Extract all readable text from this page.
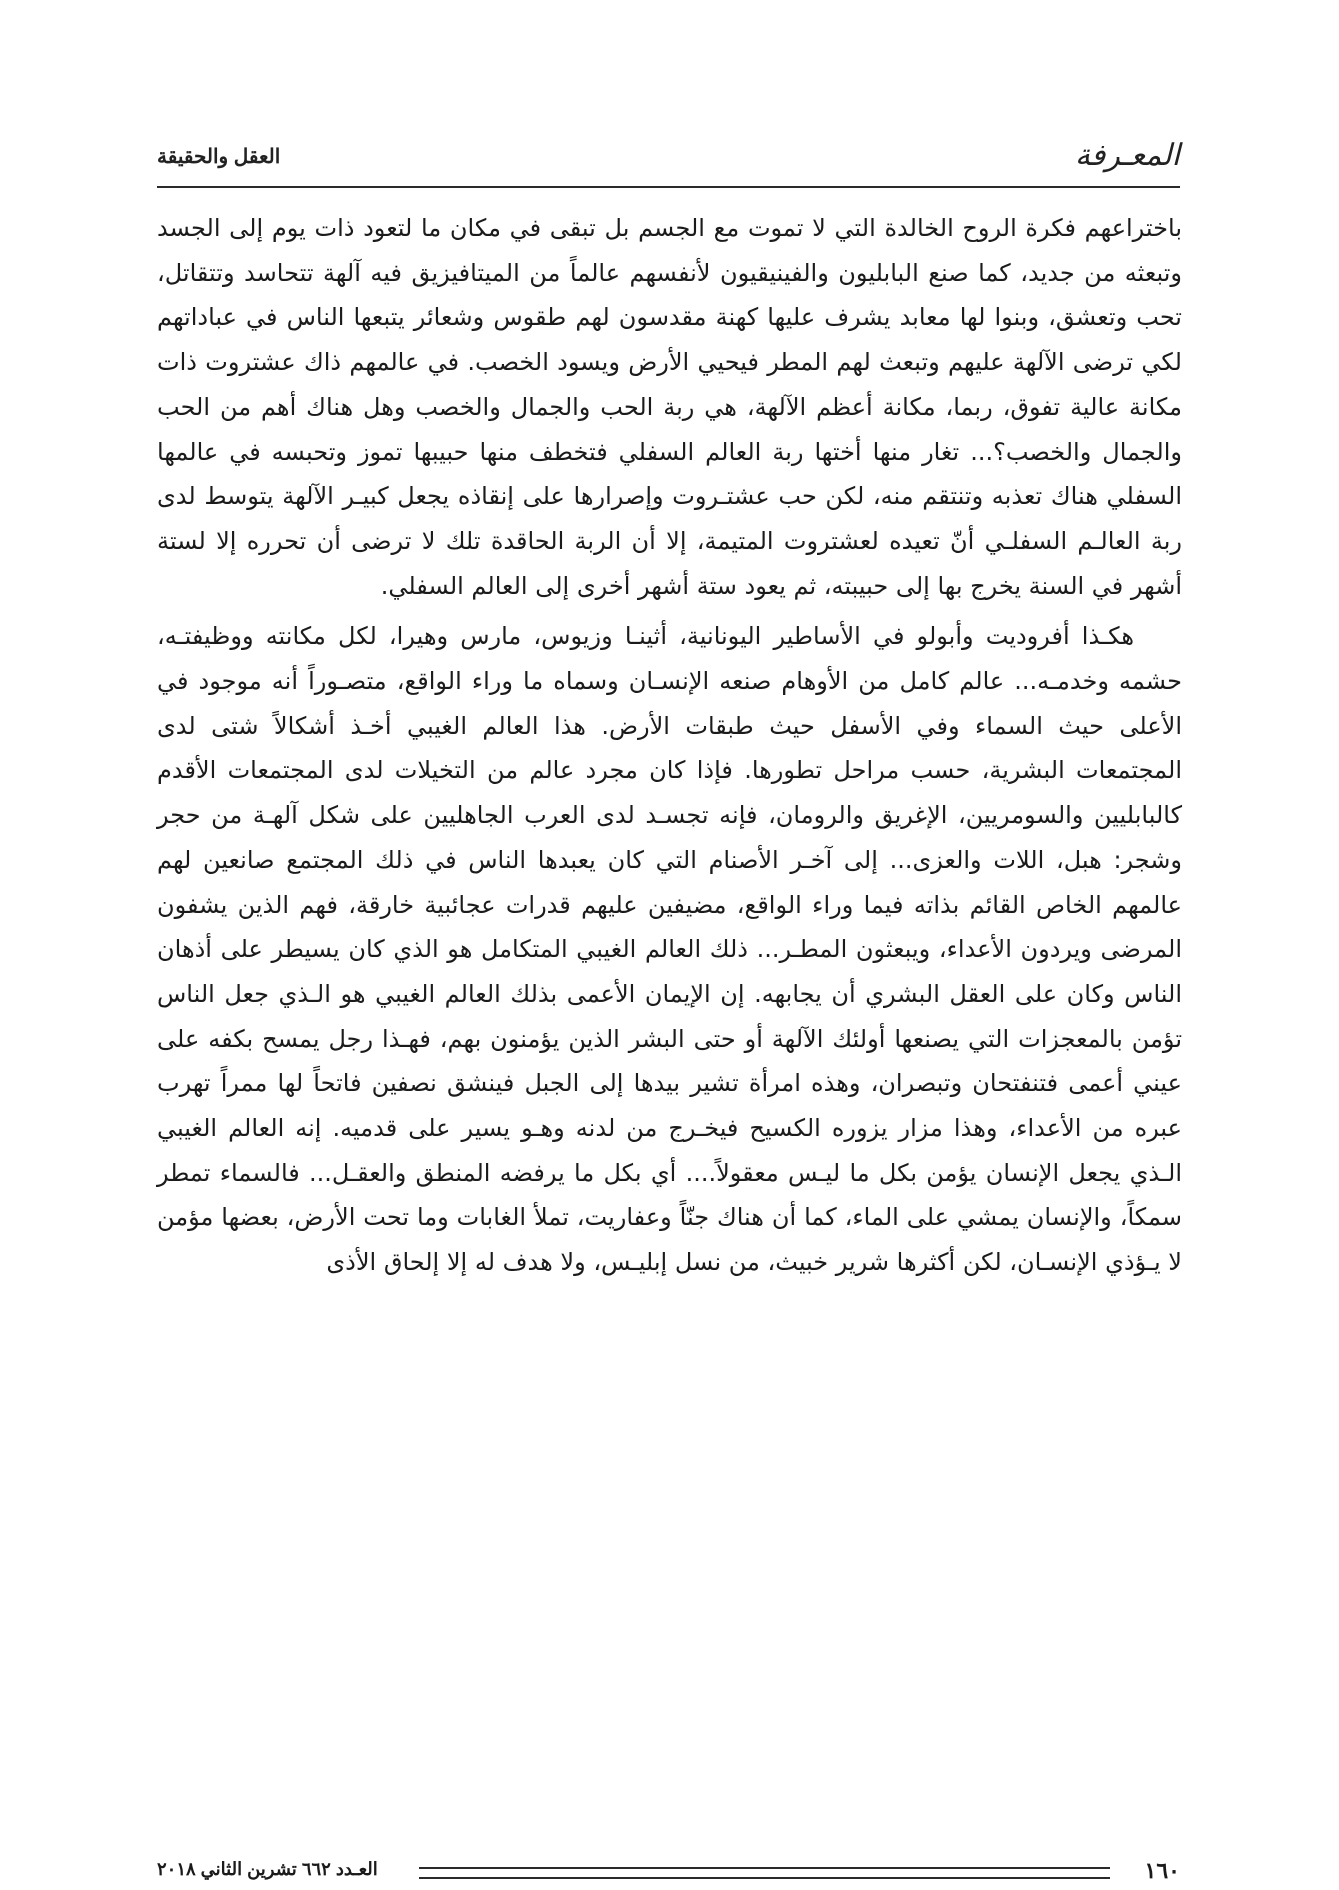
المعـرفة
العقل والحقيقة

باختراعهم فكرة الروح الخالدة التي لا تموت مع الجسم بل تبقى في مكان ما لتعود ذات يوم إلى الجسد وتبعثه من جديد، كما صنع البابليون والفينيقيون لأنفسهم عالماً من الميتافيزيق فيه آلهة تتحاسد وتتقاتل، تحب وتعشق، وبنوا لها معابد يشرف عليها كهنة مقدسون لهم طقوس وشعائر يتبعها الناس في عباداتهم لكي ترضى الآلهة عليهم وتبعث لهم المطر فيحيي الأرض ويسود الخصب. في عالمهم ذاك عشتروت ذات مكانة عالية تفوق، ربما، مكانة أعظم الآلهة، هي ربة الحب والجمال والخصب وهل هناك أهم من الحب والجمال والخصب؟... تغار منها أختها ربة العالم السفلي فتخطف منها حبيبها تموز وتحبسه في عالمها السفلي هناك تعذبه وتنتقم منه، لكن حب عشتـروت وإصرارها على إنقاذه يجعل كبيـر الآلهة يتوسط لدى ربة العالـم السفلـي أنّ تعيده لعشتروت المتيمة، إلا أن الربة الحاقدة تلك لا ترضى أن تحرره إلا لستة أشهر في السنة يخرج بها إلى حبيبته، ثم يعود ستة أشهر أخرى إلى العالم السفلي.

هكـذا أفروديت وأبولو في الأساطير اليونانية، أثينـا وزيوس، مارس وهيرا، لكل مكانته ووظيفتـه، حشمه وخدمـه... عالم كامل من الأوهام صنعه الإنسـان وسماه ما وراء الواقع، متصـوراً أنه موجود في الأعلى حيث السماء وفي الأسفل حيث طبقات الأرض. هذا العالم الغيبي أخـذ أشكالاً شتى لدى المجتمعات البشرية، حسب مراحل تطورها. فإذا كان مجرد عالم من التخيلات لدى المجتمعات الأقدم كالبابليين والسومريين، الإغريق والرومان، فإنه تجسـد لدى العرب الجاهليين على شكل آلهـة من حجر وشجر: هبل، اللات والعزى... إلى آخـر الأصنام التي كان يعبدها الناس في ذلك المجتمع صانعين لهم عالمهم الخاص القائم بذاته فيما وراء الواقع، مضيفين عليهم قدرات عجائبية خارقة، فهم الذين يشفون المرضى ويردون الأعداء، ويبعثون المطـر... ذلك العالم الغيبي المتكامل هو الذي كان يسيطر على أذهان الناس وكان على العقل البشري أن يجابهه. إن الإيمان الأعمى بذلك العالم الغيبي هو الـذي جعل الناس تؤمن بالمعجزات التي يصنعها أولئك الآلهة أو حتى البشر الذين يؤمنون بهم، فهـذا رجل يمسح بكفه على عيني أعمى فتنفتحان وتبصران، وهذه امرأة تشير بيدها إلى الجبل فينشق نصفين فاتحاً لها ممراً تهرب عبره من الأعداء، وهذا مزار يزوره الكسيح فيخـرج من لدنه وهـو يسير على قدميه. إنه العالم الغيبي الـذي يجعل الإنسان يؤمن بكل ما ليـس معقولاً.... أي بكل ما يرفضه المنطق والعقـل... فالسماء تمطر سمكاً، والإنسان يمشي على الماء، كما أن هناك جنّاً وعفاريت، تملأ الغابات وما تحت الأرض، بعضها مؤمن لا يـؤذي الإنسـان، لكن أكثرها شرير خبيث، من نسل إبليـس، ولا هدف له إلا إلحاق الأذى

١٦٠
العـدد ٦٦٢ تشرين الثاني ٢٠١٨
